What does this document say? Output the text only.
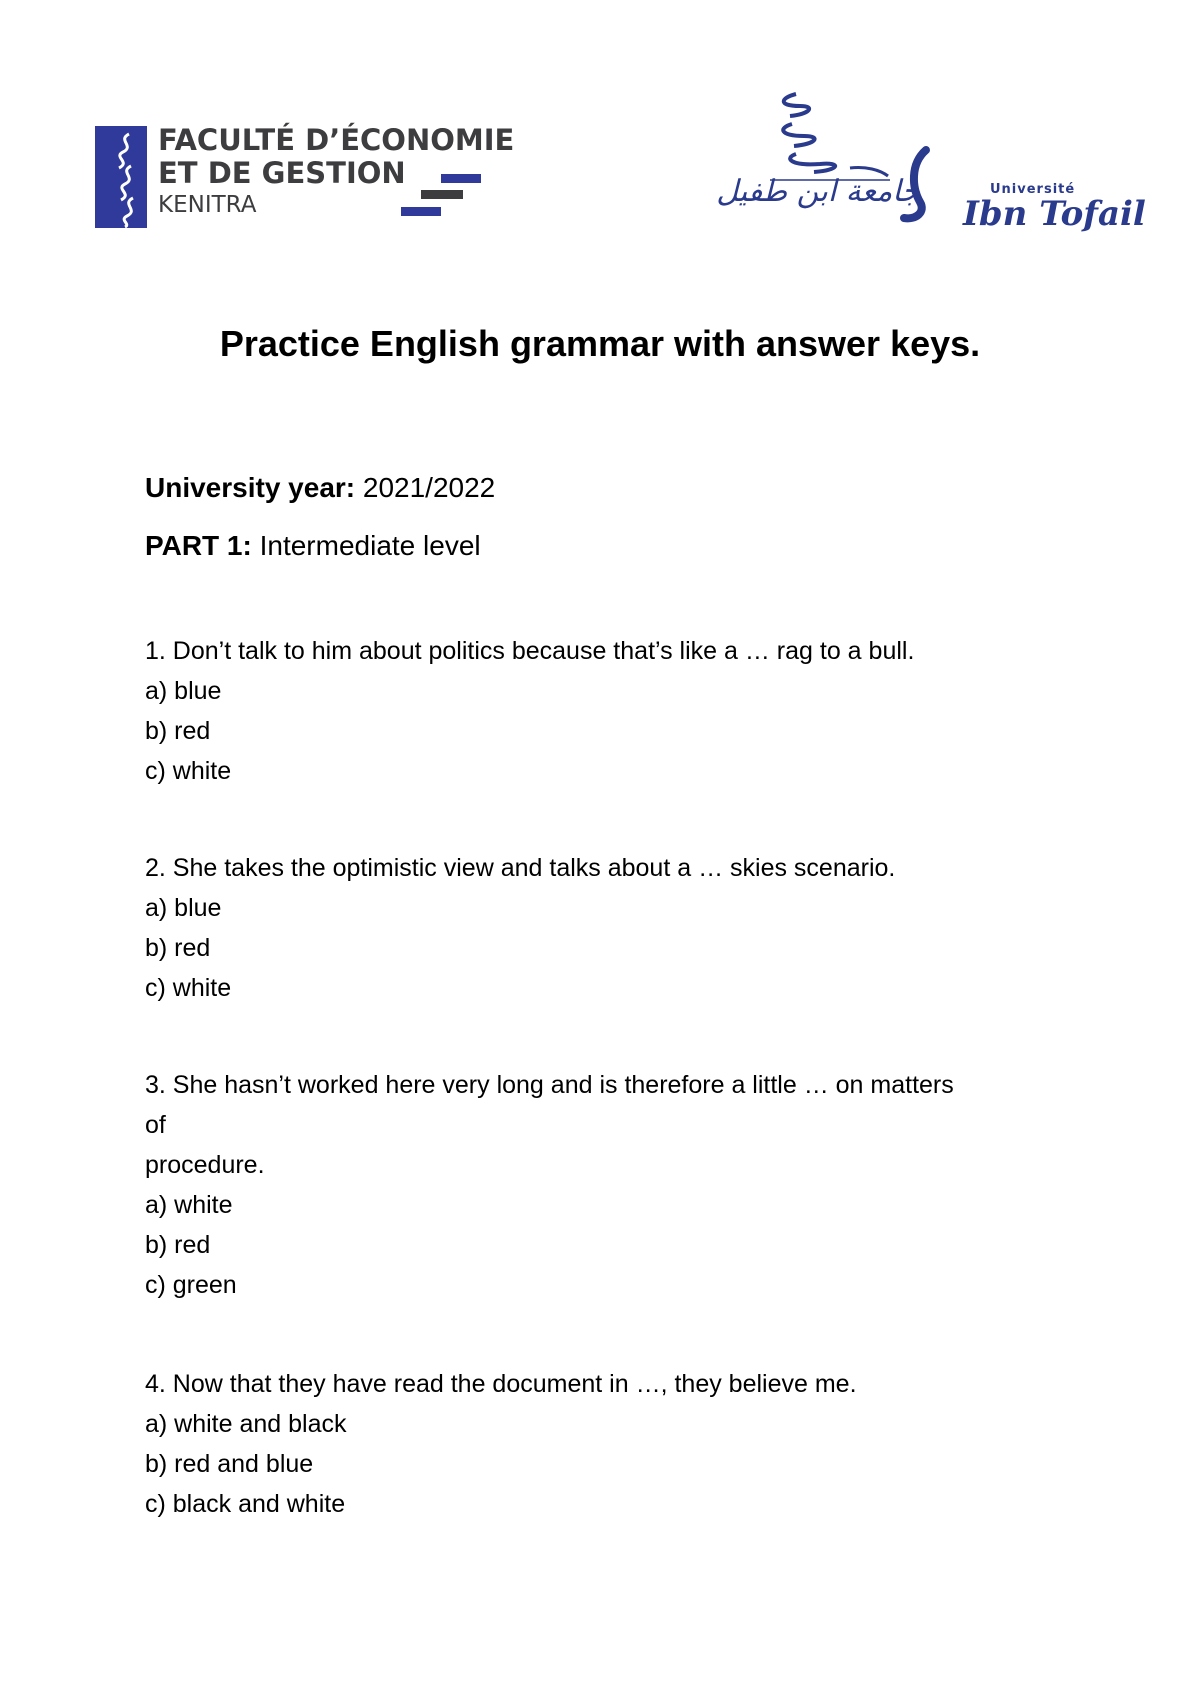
FACULTÉ D’ÉCONOMIE
ET DE GESTION
KENITRA	جامعة ابن طفيل	Université
Ibn Tofail
Practice English grammar with answer keys.
University year: 2021/2022
PART 1: Intermediate level

1. Don’t talk to him about politics because that’s like a … rag to a bull.

a) blue

b) red

c) white

2. She takes the optimistic view and talks about a … skies scenario.

a) blue

b) red

c) white

3. She hasn’t worked here very long and is therefore a little … on matters
of
procedure.

a) white

b) red

c) green

4. Now that they have read the document in …, they believe me.

a) white and black

b) red and blue

c) black and white
